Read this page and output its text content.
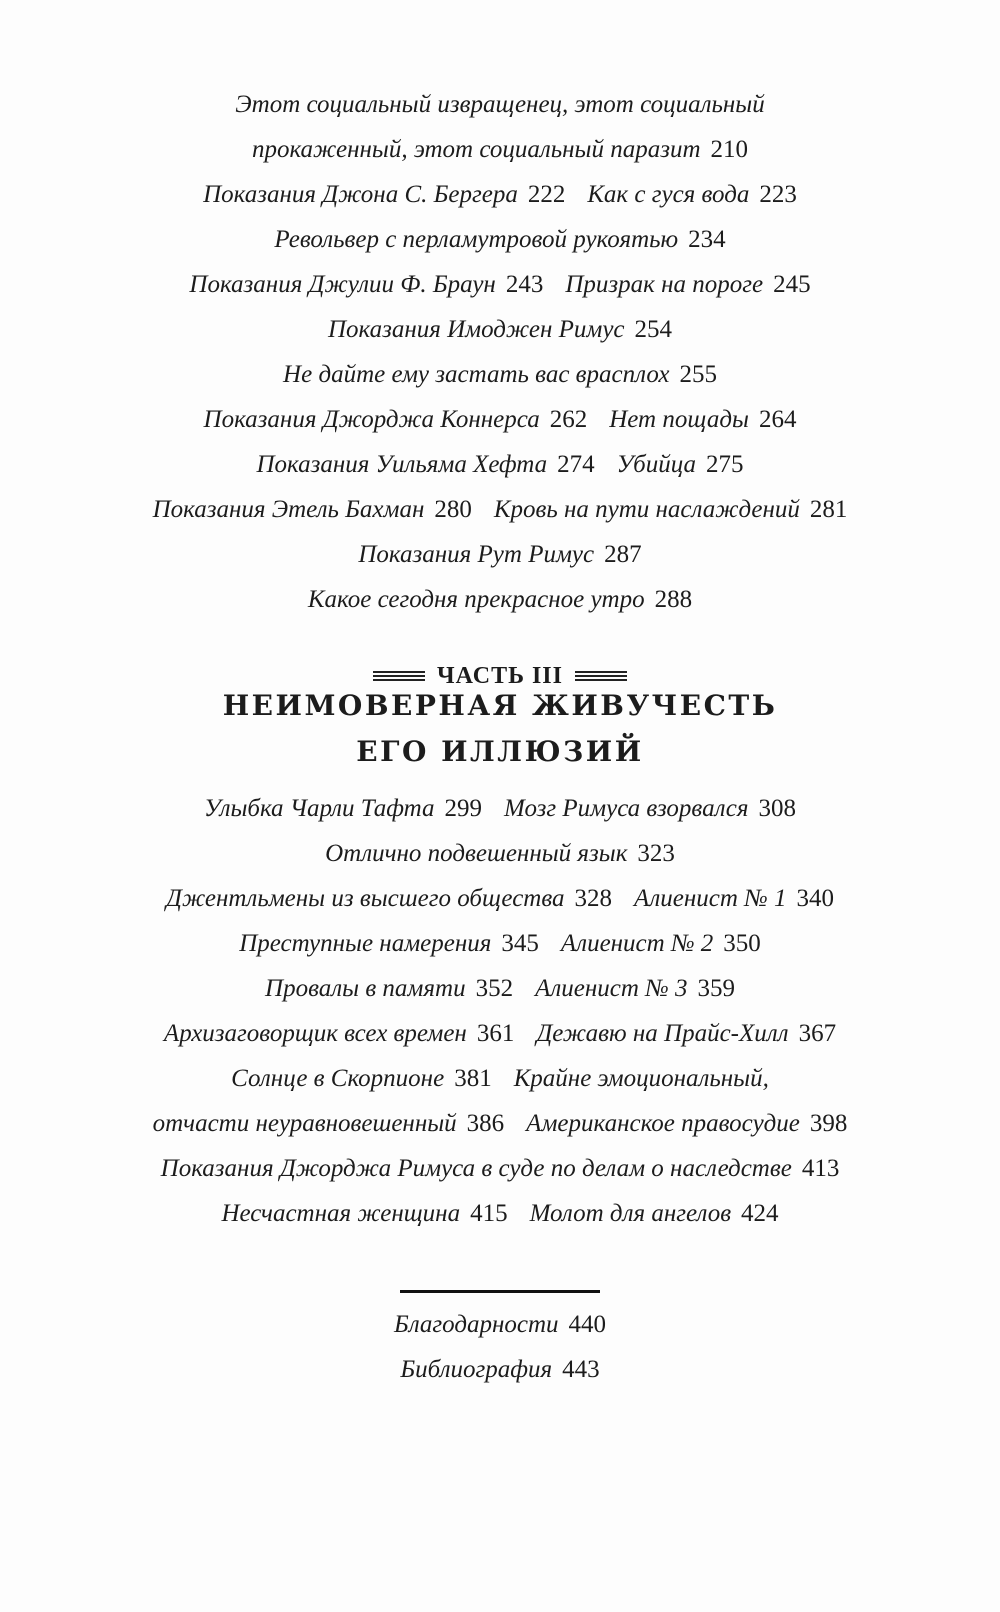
Этот социальный извращенец, этот социальный
прокаженный, этот социальный паразит 210
Показания Джона С. Бергера 222 Как с гуся вода 223
Револьвер с перламутровой рукоятью 234
Показания Джулии Ф. Браун 243 Призрак на пороге 245
Показания Имоджен Римус 254
Не дайте ему застать вас врасплох 255
Показания Джорджа Коннерса 262 Нет пощады 264
Показания Уильяма Хефта 274 Убийца 275
Показания Этель Бахман 280 Кровь на пути наслаждений 281
Показания Рут Римус 287
Какое сегодня прекрасное утро 288
ЧАСТЬ III
НЕИМОВЕРНАЯ ЖИВУЧЕСТЬ
ЕГО ИЛЛЮЗИЙ
Улыбка Чарли Тафта 299 Мозг Римуса взорвался 308
Отлично подвешенный язык 323
Джентльмены из высшего общества 328 Алиенист № 1 340
Преступные намерения 345 Алиенист № 2 350
Провалы в памяти 352 Алиенист № 3 359
Архизаговорщик всех времен 361 Дежавю на Прайс-Хилл 367
Солнце в Скорпионе 381 Крайне эмоциональный,
отчасти неуравновешенный 386 Американское правосудие 398
Показания Джорджа Римуса в суде по делам о наследстве 413
Несчастная женщина 415 Молот для ангелов 424
Благодарности 440
Библиография 443
